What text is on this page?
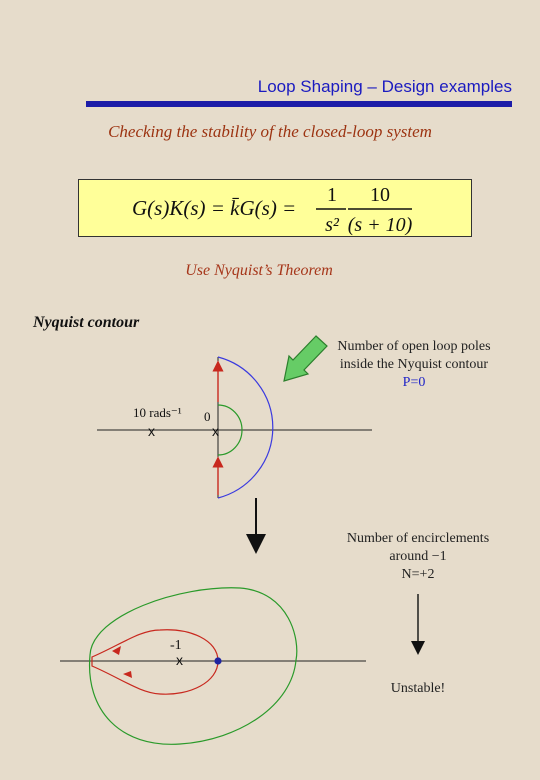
Loop Shaping – Design examples
Checking the stability of the closed-loop system
G(s)K(s) = k̄G(s) =
1
s²
10
(s + 10)
Use Nyquist’s Theorem
Nyquist contour
Number of open loop poles
inside the Nyquist contour
P=0
Number of encirclements
around −1
N=+2
Unstable!
10 rads⁻¹ 0
x	x
-1
x
